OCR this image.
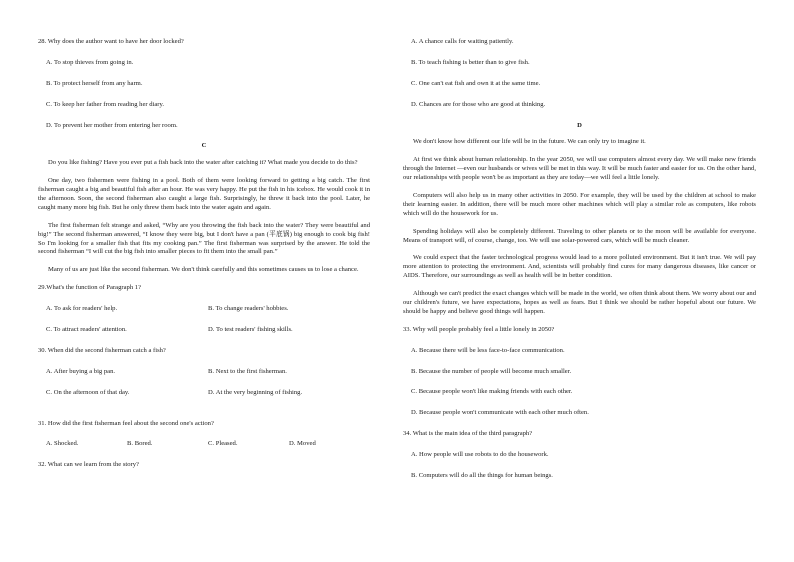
28. Why does the author want to have her door locked?
A. To stop thieves from going in.
B. To protect herself from any harm.
C. To keep her father from reading her diary.
D. To prevent her mother from entering her room.
C

Do you like fishing? Have you ever put a fish back into the water after catching it? What made you decide to do this?

One day, two fishermen were fishing in a pool. Both of them were looking forward to getting a big catch. The first fisherman caught a big and beautiful fish after an hour. He was very happy. He put the fish in his icebox. He would cook it in the afternoon. Soon, the second fisherman also caught a large fish. Surprisingly, he threw it back into the pool. Later, he caught many more big fish. But he only threw them back into the water again and again.

The first fisherman felt strange and asked, “Why are you throwing the fish back into the water? They were beautiful and big!” The second fisherman answered, “I know they were big, but I don't have a pan (平底锅) big enough to cook big fish! So I'm looking for a smaller fish that fits my cooking pan.” The first fisherman was surprised by the answer. He told the second fisherman “I will cut the big fish into smaller pieces to fit them into the small pan.”

Many of us are just like the second fisherman. We don't think carefully and this sometimes causes us to lose a chance.

29.What's the function of Paragraph 1?
A. To ask for readers' help.	B. To change readers' hobbies.
C. To attract readers' attention.	D. To test readers' fishing skills.
30. When did the second fisherman catch a fish?
A. After buying a big pan.	B. Next to the first fisherman.
C. On the afternoon of that day.	D. At the very beginning of fishing.
31. How did the first fisherman feel about the second one's action?
A. Shocked.	B. Bored.	C. Pleased.	D. Moved
32. What can we learn from the story?
A. A chance calls for waiting patiently.
B. To teach fishing is better than to give fish.
C. One can't eat fish and own it at the same time.
D. Chances are for those who are good at thinking.
D

We don't know how different our life will be in the future. We can only try to imagine it.

At first we think about human relationship. In the year 2050, we will use computers almost every day. We will make new friends through the Internet —even our husbands or wives will be met in this way. It will be much faster and easier for us. On the other hand, our relationships with people won't be as important as they are today—we will feel a little lonely.

Computers will also help us in many other activities in 2050. For example, they will be used by the children at school to make their learning easier. In addition, there will be much more other machines which will play a similar role as computers, like robots which will do the housework for us.

Spending holidays will also be completely different. Traveling to other planets or to the moon will be available for everyone. Means of transport will, of course, change, too. We will use solar-powered cars, which will be much cleaner.

We could expect that the faster technological progress would lead to a more polluted environment. But it isn't true. We will pay more attention to protecting the environment. And, scientists will probably find cures for many dangerous diseases, like cancer or AIDS. Therefore, our surroundings as well as health will be in better condition.

Although we can't predict the exact changes which will be made in the world, we often think about them. We worry about our and our children's future, we have expectations, hopes as well as fears. But I think we should be rather hopeful about our future. We should be happy and believe good things will happen.

33. Why will people probably feel a little lonely in 2050?
A. Because there will be less face-to-face communication.
B. Because the number of people will become much smaller.
C. Because people won't like making friends with each other.
D. Because people won't communicate with each other much often.
34. What is the main idea of the third paragraph?
A. How people will use robots to do the housework.
B. Computers will do all the things for human beings.
